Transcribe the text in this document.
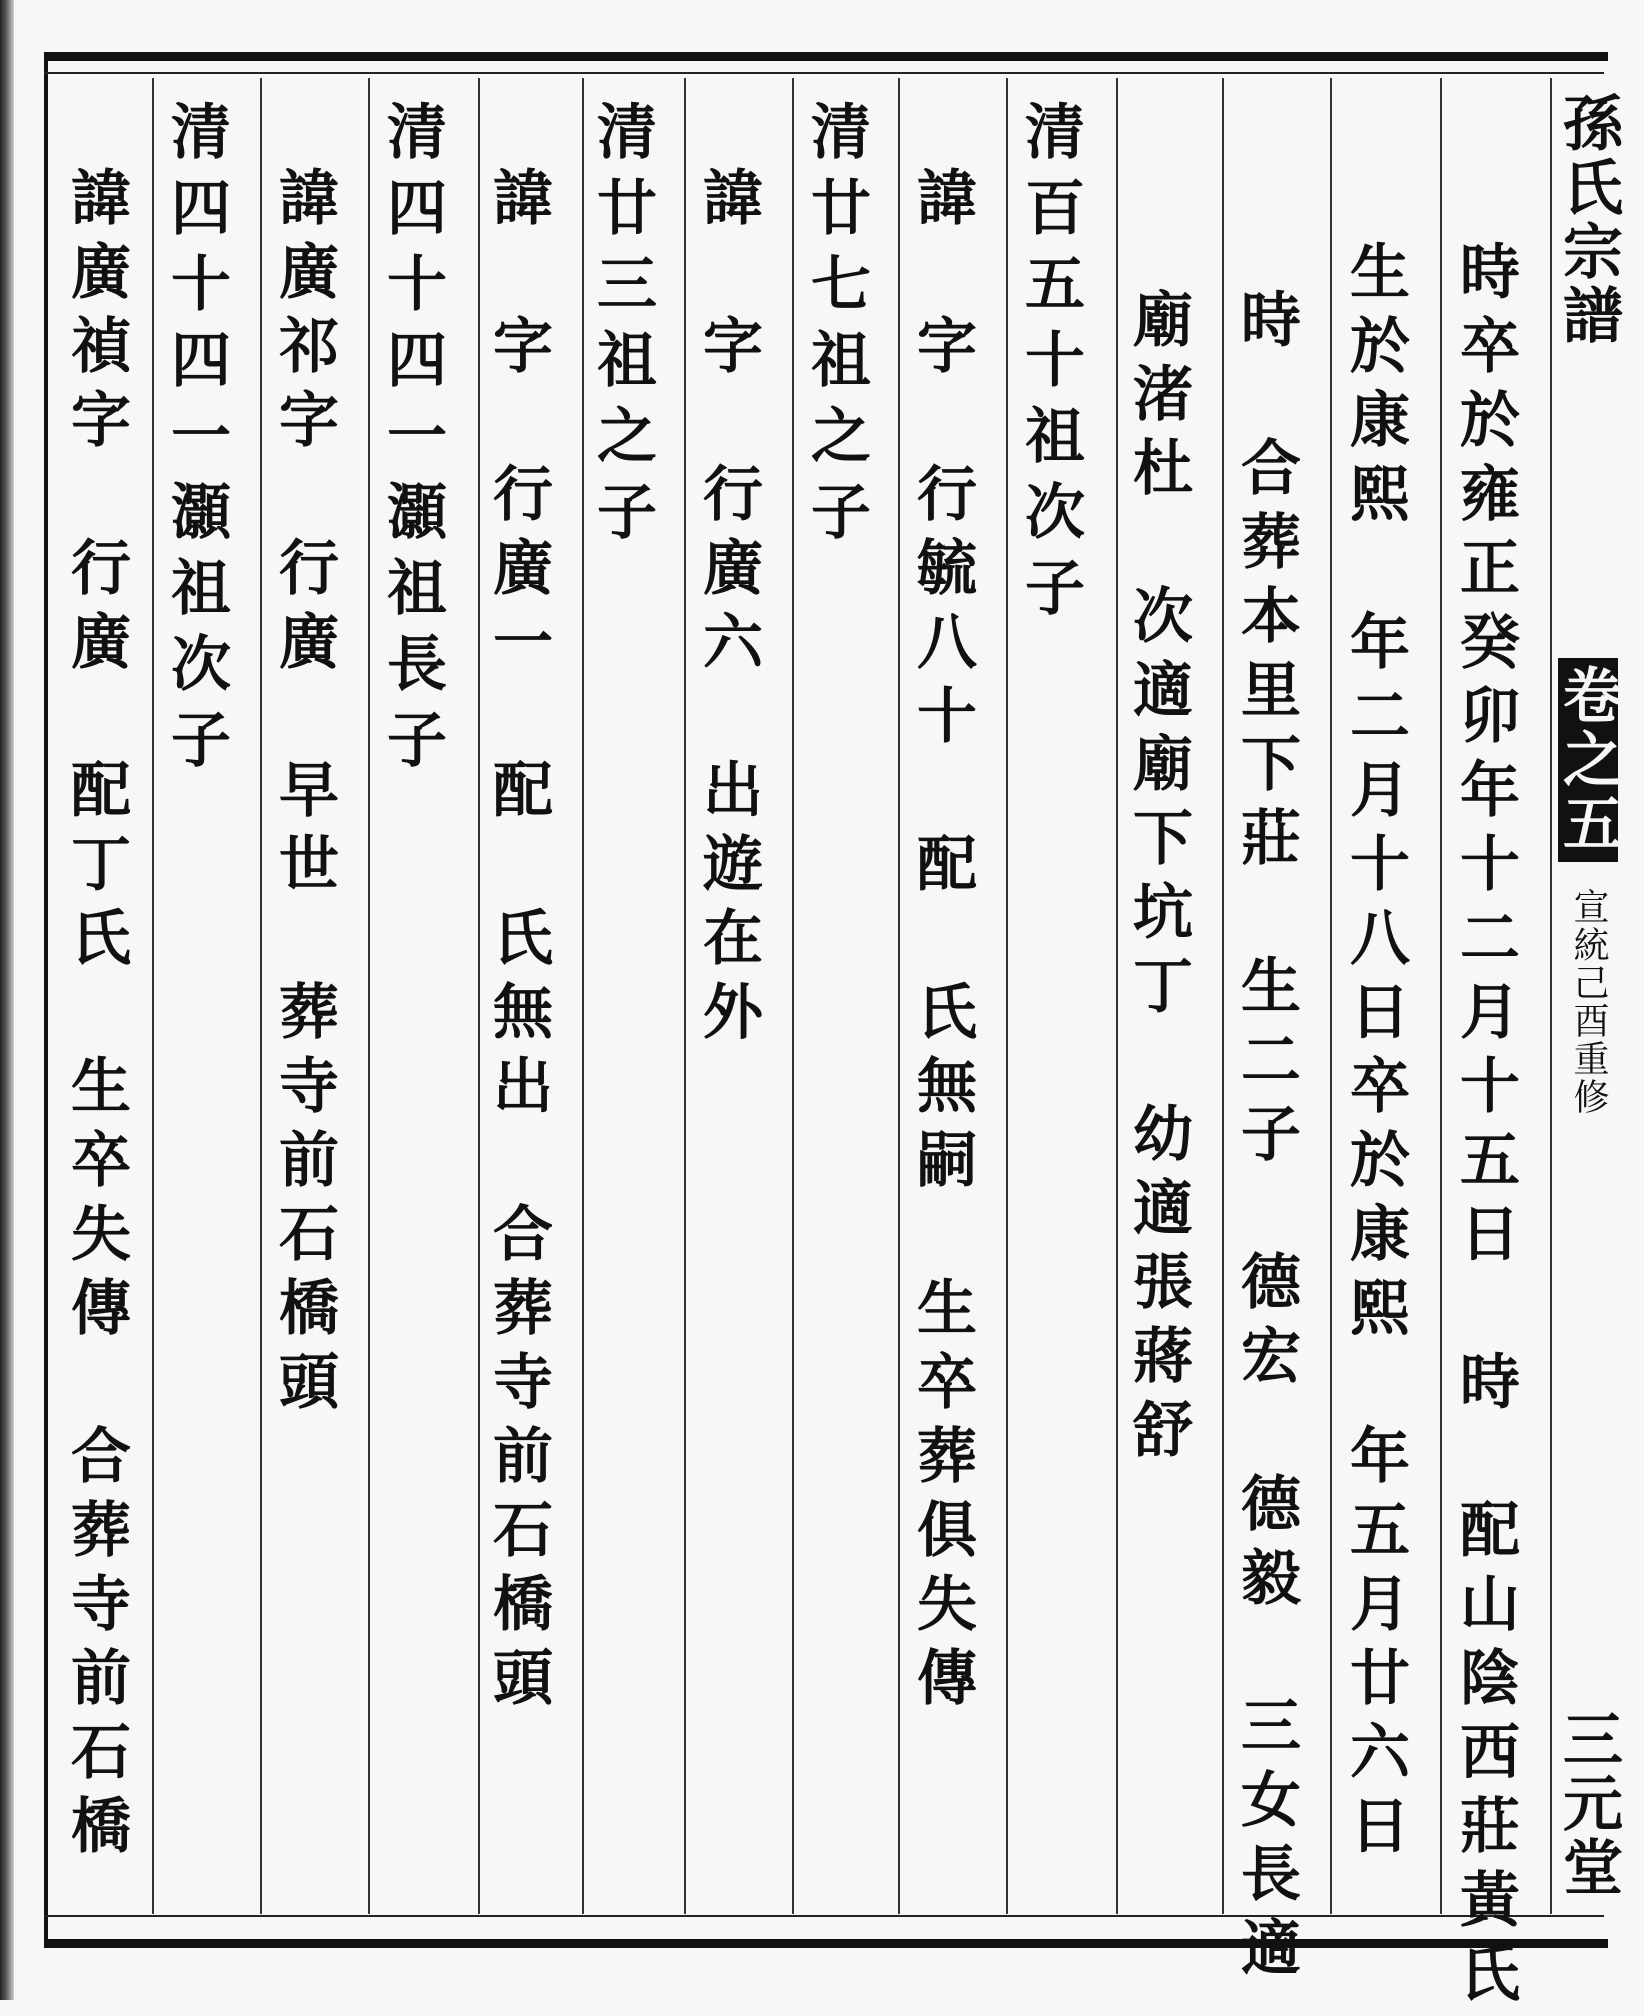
孫氏宗譜
卷之五
宣統己酉重修
三元堂
時卒於雍正癸卯年十二月十五日　時　配山陰西莊黃氏
生於康熙　年二月十八日卒於康熙　年五月廿六日
時　合葬本里下莊　生二子　德宏　德毅　三女長適
廟渚杜　次適廟下坑丁　幼適張蔣舒
清百五十祖次子
諱　字　行毓八十　配　氏無嗣　生卒葬俱失傳
清廿七祖之子
諱　字　行廣六　出遊在外
清廿三祖之子
諱　字　行廣一　配　氏無出　合葬寺前石橋頭
清四十四一灝祖長子
諱廣祁字　行廣　早世　葬寺前石橋頭
清四十四一灝祖次子
諱廣禎字　行廣　配丁氏　生卒失傳　合葬寺前石橋
